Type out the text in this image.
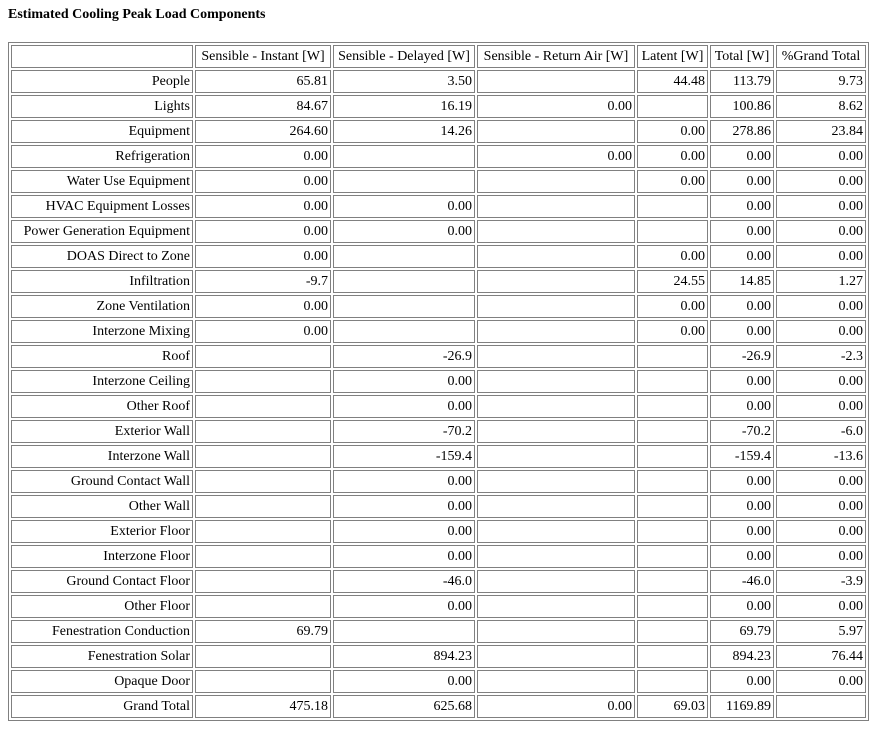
Estimated Cooling Peak Load Components
	Sensible - Instant [W]	Sensible - Delayed [W]	Sensible - Return Air [W]	Latent [W]	Total [W]	%Grand Total
People	65.81	3.50		44.48	113.79	9.73
Lights	84.67	16.19	0.00		100.86	8.62
Equipment	264.60	14.26		0.00	278.86	23.84
Refrigeration	0.00		0.00	0.00	0.00	0.00
Water Use Equipment	0.00			0.00	0.00	0.00
HVAC Equipment Losses	0.00	0.00			0.00	0.00
Power Generation Equipment	0.00	0.00			0.00	0.00
DOAS Direct to Zone	0.00			0.00	0.00	0.00
Infiltration	-9.7			24.55	14.85	1.27
Zone Ventilation	0.00			0.00	0.00	0.00
Interzone Mixing	0.00			0.00	0.00	0.00
Roof		-26.9			-26.9	-2.3
Interzone Ceiling		0.00			0.00	0.00
Other Roof		0.00			0.00	0.00
Exterior Wall		-70.2			-70.2	-6.0
Interzone Wall		-159.4			-159.4	-13.6
Ground Contact Wall		0.00			0.00	0.00
Other Wall		0.00			0.00	0.00
Exterior Floor		0.00			0.00	0.00
Interzone Floor		0.00			0.00	0.00
Ground Contact Floor		-46.0			-46.0	-3.9
Other Floor		0.00			0.00	0.00
Fenestration Conduction	69.79				69.79	5.97
Fenestration Solar		894.23			894.23	76.44
Opaque Door		0.00			0.00	0.00
Grand Total	475.18	625.68	0.00	69.03	1169.89	
